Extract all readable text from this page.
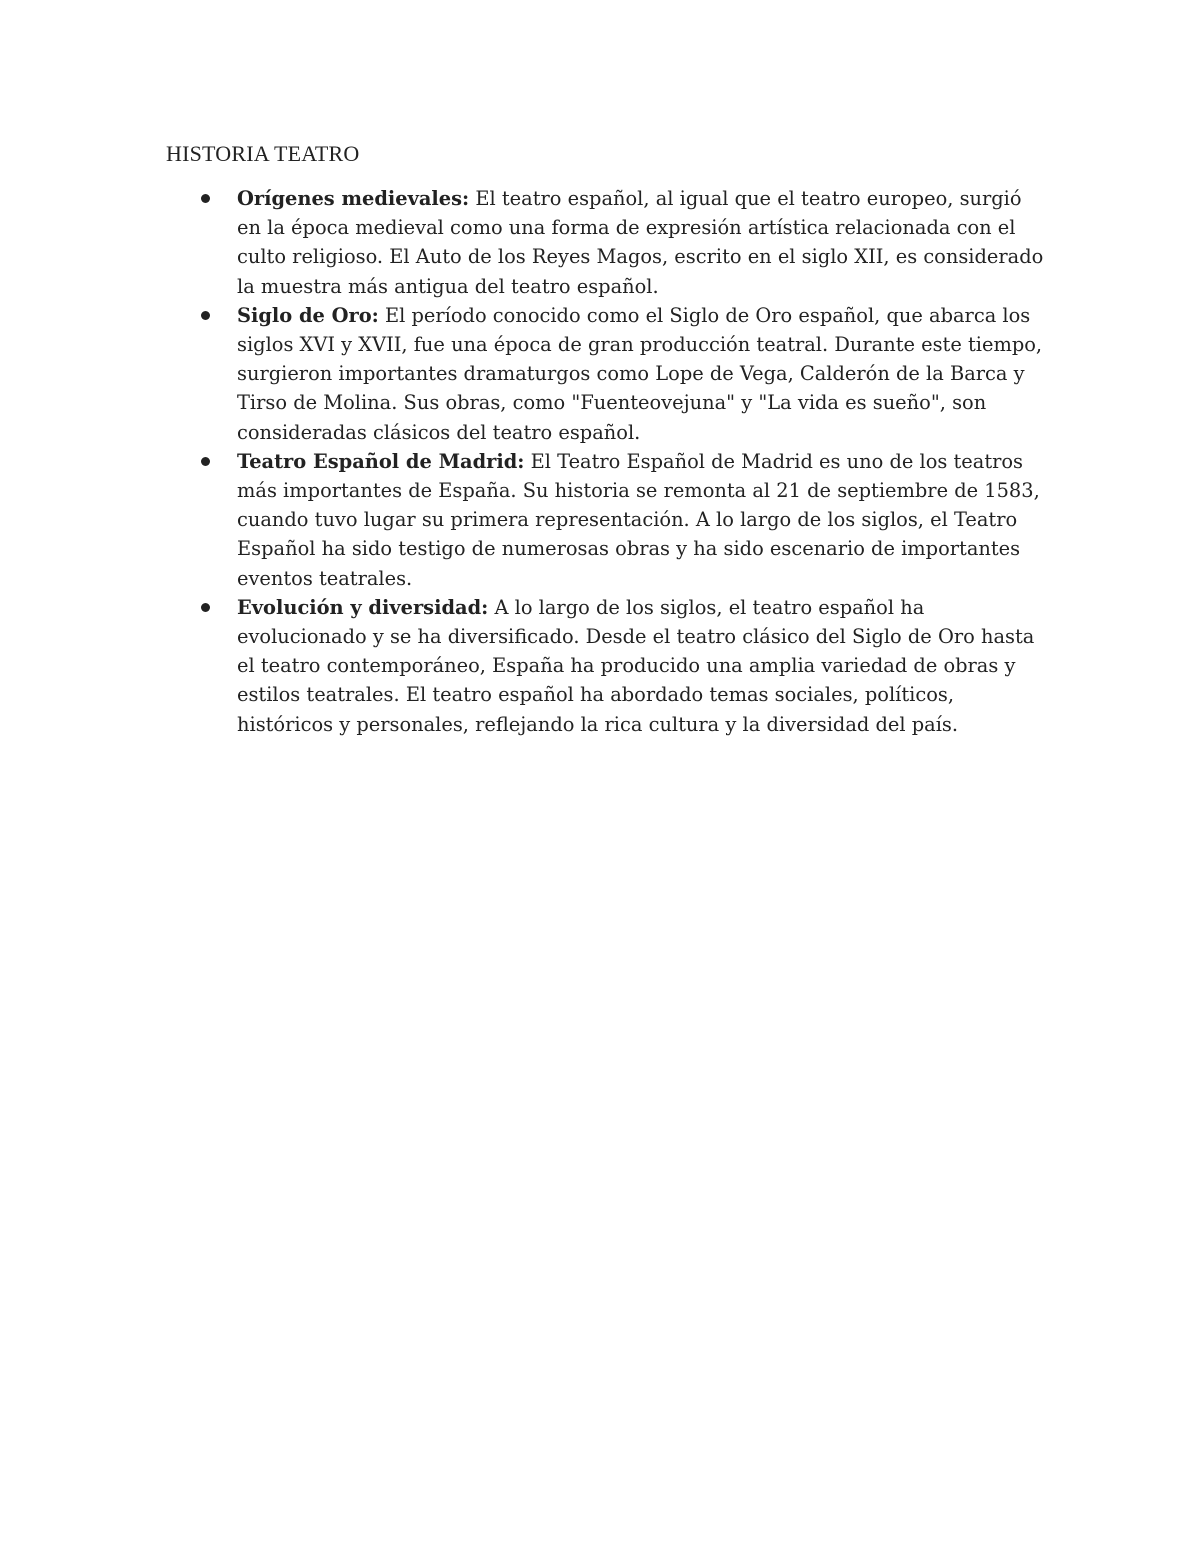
HISTORIA TEATRO
Orígenes medievales: El teatro español, al igual que el teatro europeo, surgió en la época medieval como una forma de expresión artística relacionada con el culto religioso. El Auto de los Reyes Magos, escrito en el siglo XII, es considerado la muestra más antigua del teatro español.
Siglo de Oro: El período conocido como el Siglo de Oro español, que abarca los siglos XVI y XVII, fue una época de gran producción teatral. Durante este tiempo, surgieron importantes dramaturgos como Lope de Vega, Calderón de la Barca y Tirso de Molina. Sus obras, como "Fuenteovejuna" y "La vida es sueño", son consideradas clásicos del teatro español.
Teatro Español de Madrid: El Teatro Español de Madrid es uno de los teatros más importantes de España. Su historia se remonta al 21 de septiembre de 1583, cuando tuvo lugar su primera representación. A lo largo de los siglos, el Teatro Español ha sido testigo de numerosas obras y ha sido escenario de importantes eventos teatrales.
Evolución y diversidad: A lo largo de los siglos, el teatro español ha evolucionado y se ha diversificado. Desde el teatro clásico del Siglo de Oro hasta el teatro contemporáneo, España ha producido una amplia variedad de obras y estilos teatrales. El teatro español ha abordado temas sociales, políticos, históricos y personales, reflejando la rica cultura y la diversidad del país.
